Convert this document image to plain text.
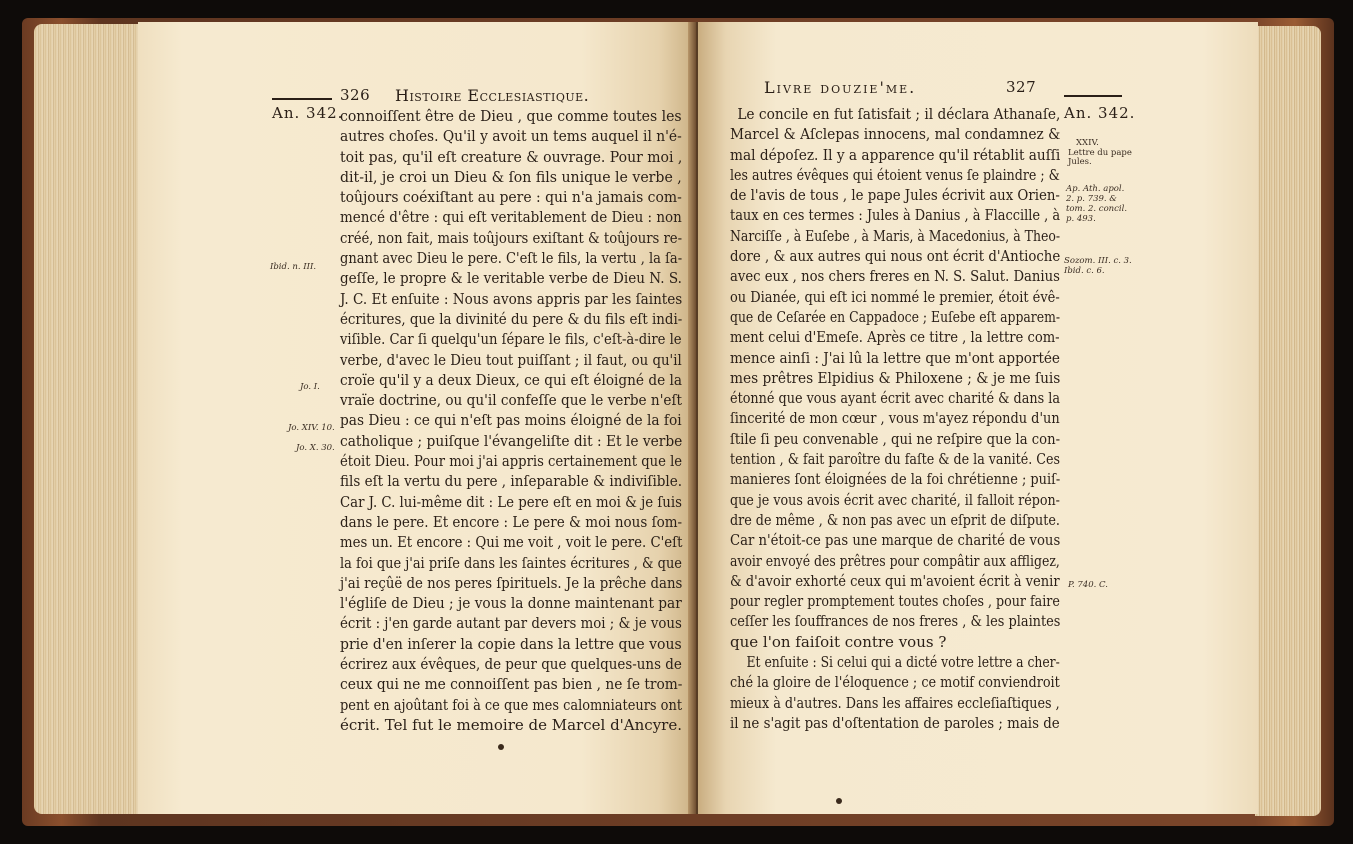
An. 342.
326 Histoire Ecclesiastique.
Ibid. n. III.
Jo. I.
Jo. XIV. 10.
Jo. X. 30.
connoiſſent être de Dieu , que comme toutes les
autres choſes. Qu'il y avoit un tems auquel il n'é-
toit pas, qu'il eſt creature & ouvrage. Pour moi ,
dit-il, je croi un Dieu & ſon fils unique le verbe ,
toûjours coéxiſtant au pere : qui n'a jamais com-
mencé d'être : qui eſt veritablement de Dieu : non
créé, non fait, mais toûjours exiſtant & toûjours re-
gnant avec Dieu le pere. C'eſt le fils, la vertu , la ſa-
geſſe, le propre & le veritable verbe de Dieu N. S.
J. C. Et enſuite : Nous avons appris par les ſaintes
écritures, que la divinité du pere & du fils eſt indi-
viſible. Car ſi quelqu'un ſépare le fils, c'eſt-à-dire le
verbe, d'avec le Dieu tout puiſſant ; il faut, ou qu'il
croïe qu'il y a deux Dieux, ce qui eſt éloigné de la
vraïe doctrine, ou qu'il confeſſe que le verbe n'eſt
pas Dieu : ce qui n'eſt pas moins éloigné de la foi
catholique ; puiſque l'évangeliſte dit : Et le verbe
étoit Dieu. Pour moi j'ai appris certainement que le
fils eſt la vertu du pere , inſeparable & indiviſible.
Car J. C. lui-même dit : Le pere eſt en moi & je ſuis
dans le pere. Et encore : Le pere & moi nous ſom-
mes un. Et encore : Qui me voit , voit le pere. C'eſt
la foi que j'ai priſe dans les ſaintes écritures , & que
j'ai reçûë de nos peres ſpirituels. Je la prêche dans
l'égliſe de Dieu ; je vous la donne maintenant par
écrit : j'en garde autant par devers moi ; & je vous
prie d'en inſerer la copie dans la lettre que vous
écrirez aux évêques, de peur que quelques-uns de
ceux qui ne me connoiſſent pas bien , ne ſe trom-
pent en ajoûtant foi à ce que mes calomniateurs ont
écrit. Tel fut le memoire de Marcel d'Ancyre.
Livre douzie'me.	327
An. 342.
XXIV.
Lettre du pape
Jules.
Ap. Ath. apol.
2. p. 739. &
tom. 2. concil.
p. 493.
Sozom. III. c. 3.
Ibid. c. 6.
P. 740. C.
Le concile en fut ſatisfait ; il déclara Athanaſe,
Marcel & Aſclepas innocens, mal condamnez &
mal dépoſez. Il y a apparence qu'il rétablit auſſi
les autres évêques qui étoient venus ſe plaindre ; &
de l'avis de tous , le pape Jules écrivit aux Orien-
taux en ces termes : Jules à Danius , à Flaccille , à
Narciſſe , à Euſebe , à Maris, à Macedonius, à Theo-
dore , & aux autres qui nous ont écrit d'Antioche
avec eux , nos chers freres en N. S. Salut. Danius
ou Dianée, qui eſt ici nommé le premier, étoit évê-
que de Ceſarée en Cappadoce ; Euſebe eſt apparem-
ment celui d'Emeſe. Après ce titre , la lettre com-
mence ainſi : J'ai lû la lettre que m'ont apportée
mes prêtres Elpidius & Philoxene ; & je me ſuis
étonné que vous ayant écrit avec charité & dans la
ſincerité de mon cœur , vous m'ayez répondu d'un
ſtile ſi peu convenable , qui ne reſpire que la con-
tention , & fait paroître du faſte & de la vanité. Ces
manieres ſont éloignées de la foi chrétienne ; puiſ-
que je vous avois écrit avec charité, il falloit répon-
dre de même , & non pas avec un eſprit de diſpute.
Car n'étoit-ce pas une marque de charité de vous
avoir envoyé des prêtres pour compâtir aux affligez,
& d'avoir exhorté ceux qui m'avoient écrit à venir
pour regler promptement toutes choſes , pour faire
ceſſer les ſouffrances de nos freres , & les plaintes
que l'on faiſoit contre vous ?
Et enſuite : Si celui qui a dicté votre lettre a cher-
ché la gloire de l'éloquence ; ce motif conviendroit
mieux à d'autres. Dans les affaires eccleſiaſtiques ,
il ne s'agit pas d'oſtentation de paroles ; mais de
